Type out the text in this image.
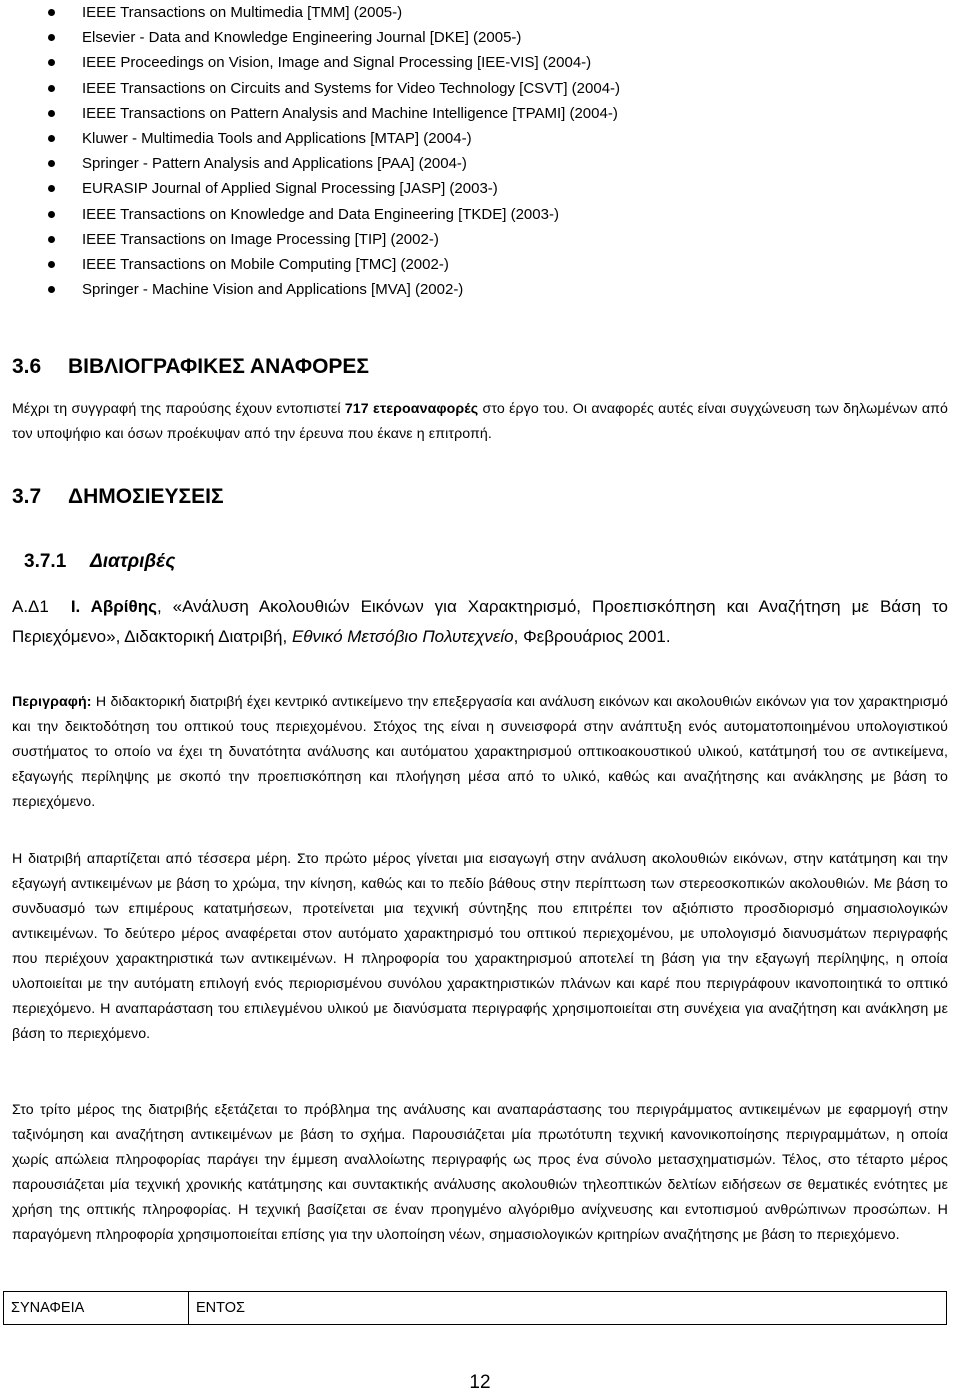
IEEE Transactions on Multimedia [TMM] (2005-)
Elsevier - Data and Knowledge Engineering Journal [DKE] (2005-)
IEEE Proceedings on Vision, Image and Signal Processing [IEE-VIS] (2004-)
IEEE Transactions on Circuits and Systems for Video Technology [CSVT] (2004-)
IEEE Transactions on Pattern Analysis and Machine Intelligence [TPAMI] (2004-)
Kluwer - Multimedia Tools and Applications [MTAP] (2004-)
Springer - Pattern Analysis and Applications [PAA] (2004-)
EURASIP Journal of Applied Signal Processing [JASP] (2003-)
IEEE Transactions on Knowledge and Data Engineering [TKDE] (2003-)
IEEE Transactions on Image Processing [TIP] (2002-)
IEEE Transactions on Mobile Computing [TMC] (2002-)
Springer - Machine Vision and Applications [MVA] (2002-)
3.6 ΒΙΒΛΙΟΓΡΑΦΙΚΕΣ ΑΝΑΦΟΡΕΣ
Μέχρι τη συγγραφή της παρούσης έχουν εντοπιστεί 717 ετεροαναφορές στο έργο του. Οι αναφορές αυτές είναι συγχώνευση των δηλωμένων από τον υποψήφιο και όσων προέκυψαν από την έρευνα που έκανε η επιτροπή.
3.7 ΔΗΜΟΣΙΕΥΣΕΙΣ
3.7.1 Διατριβές
Α.Δ1 Ι. Αβρίθης, «Ανάλυση Ακολουθιών Εικόνων για Χαρακτηρισμό, Προεπισκόπηση και Αναζήτηση με Βάση το Περιεχόμενο», Διδακτορική Διατριβή, Εθνικό Μετσόβιο Πολυτεχνείο, Φεβρουάριος 2001.
Περιγραφή: Η διδακτορική διατριβή έχει κεντρικό αντικείμενο την επεξεργασία και ανάλυση εικόνων και ακολουθιών εικόνων για τον χαρακτηρισμό και την δεικτοδότηση του οπτικού τους περιεχομένου. Στόχος της είναι η συνεισφορά στην ανάπτυξη ενός αυτοματοποιημένου υπολογιστικού συστήματος το οποίο να έχει τη δυνατότητα ανάλυσης και αυτόματου χαρακτηρισμού οπτικοακουστικού υλικού, κατάτμησή του σε αντικείμενα, εξαγωγής περίληψης με σκοπό την προεπισκόπηση και πλοήγηση μέσα από το υλικό, καθώς και αναζήτησης και ανάκλησης με βάση το περιεχόμενο.
Η διατριβή απαρτίζεται από τέσσερα μέρη. Στο πρώτο μέρος γίνεται μια εισαγωγή στην ανάλυση ακολουθιών εικόνων, στην κατάτμηση και την εξαγωγή αντικειμένων με βάση το χρώμα, την κίνηση, καθώς και το πεδίο βάθους στην περίπτωση των στερεοσκοπικών ακολουθιών. Με βάση το συνδυασμό των επιμέρους κατατμήσεων, προτείνεται μια τεχνική σύντηξης που επιτρέπει τον αξιόπιστο προσδιορισμό σημασιολογικών αντικειμένων. Το δεύτερο μέρος αναφέρεται στον αυτόματο χαρακτηρισμό του οπτικού περιεχομένου, με υπολογισμό διανυσμάτων περιγραφής που περιέχουν χαρακτηριστικά των αντικειμένων. Η πληροφορία του χαρακτηρισμού αποτελεί τη βάση για την εξαγωγή περίληψης, η οποία υλοποιείται με την αυτόματη επιλογή ενός περιορισμένου συνόλου χαρακτηριστικών πλάνων και καρέ που περιγράφουν ικανοποιητικά το οπτικό περιεχόμενο. Η αναπαράσταση του επιλεγμένου υλικού με διανύσματα περιγραφής χρησιμοποιείται στη συνέχεια για αναζήτηση και ανάκληση με βάση το περιεχόμενο.
Στο τρίτο μέρος της διατριβής εξετάζεται το πρόβλημα της ανάλυσης και αναπαράστασης του περιγράμματος αντικειμένων με εφαρμογή στην ταξινόμηση και αναζήτηση αντικειμένων με βάση το σχήμα. Παρουσιάζεται μία πρωτότυπη τεχνική κανονικοποίησης περιγραμμάτων, η οποία χωρίς απώλεια πληροφορίας παράγει την έμμεση αναλλοίωτης περιγραφής ως προς ένα σύνολο μετασχηματισμών. Τέλος, στο τέταρτο μέρος παρουσιάζεται μία τεχνική χρονικής κατάτμησης και συντακτικής ανάλυσης ακολουθιών τηλεοπτικών δελτίων ειδήσεων σε θεματικές ενότητες με χρήση της οπτικής πληροφορίας. Η τεχνική βασίζεται σε έναν προηγμένο αλγόριθμο ανίχνευσης και εντοπισμού ανθρώπινων προσώπων. Η παραγόμενη πληροφορία χρησιμοποιείται επίσης για την υλοποίηση νέων, σημασιολογικών κριτηρίων αναζήτησης με βάση το περιεχόμενο.
ΣΥΝΑΦΕΙΑ	ΕΝΤΟΣ
12
